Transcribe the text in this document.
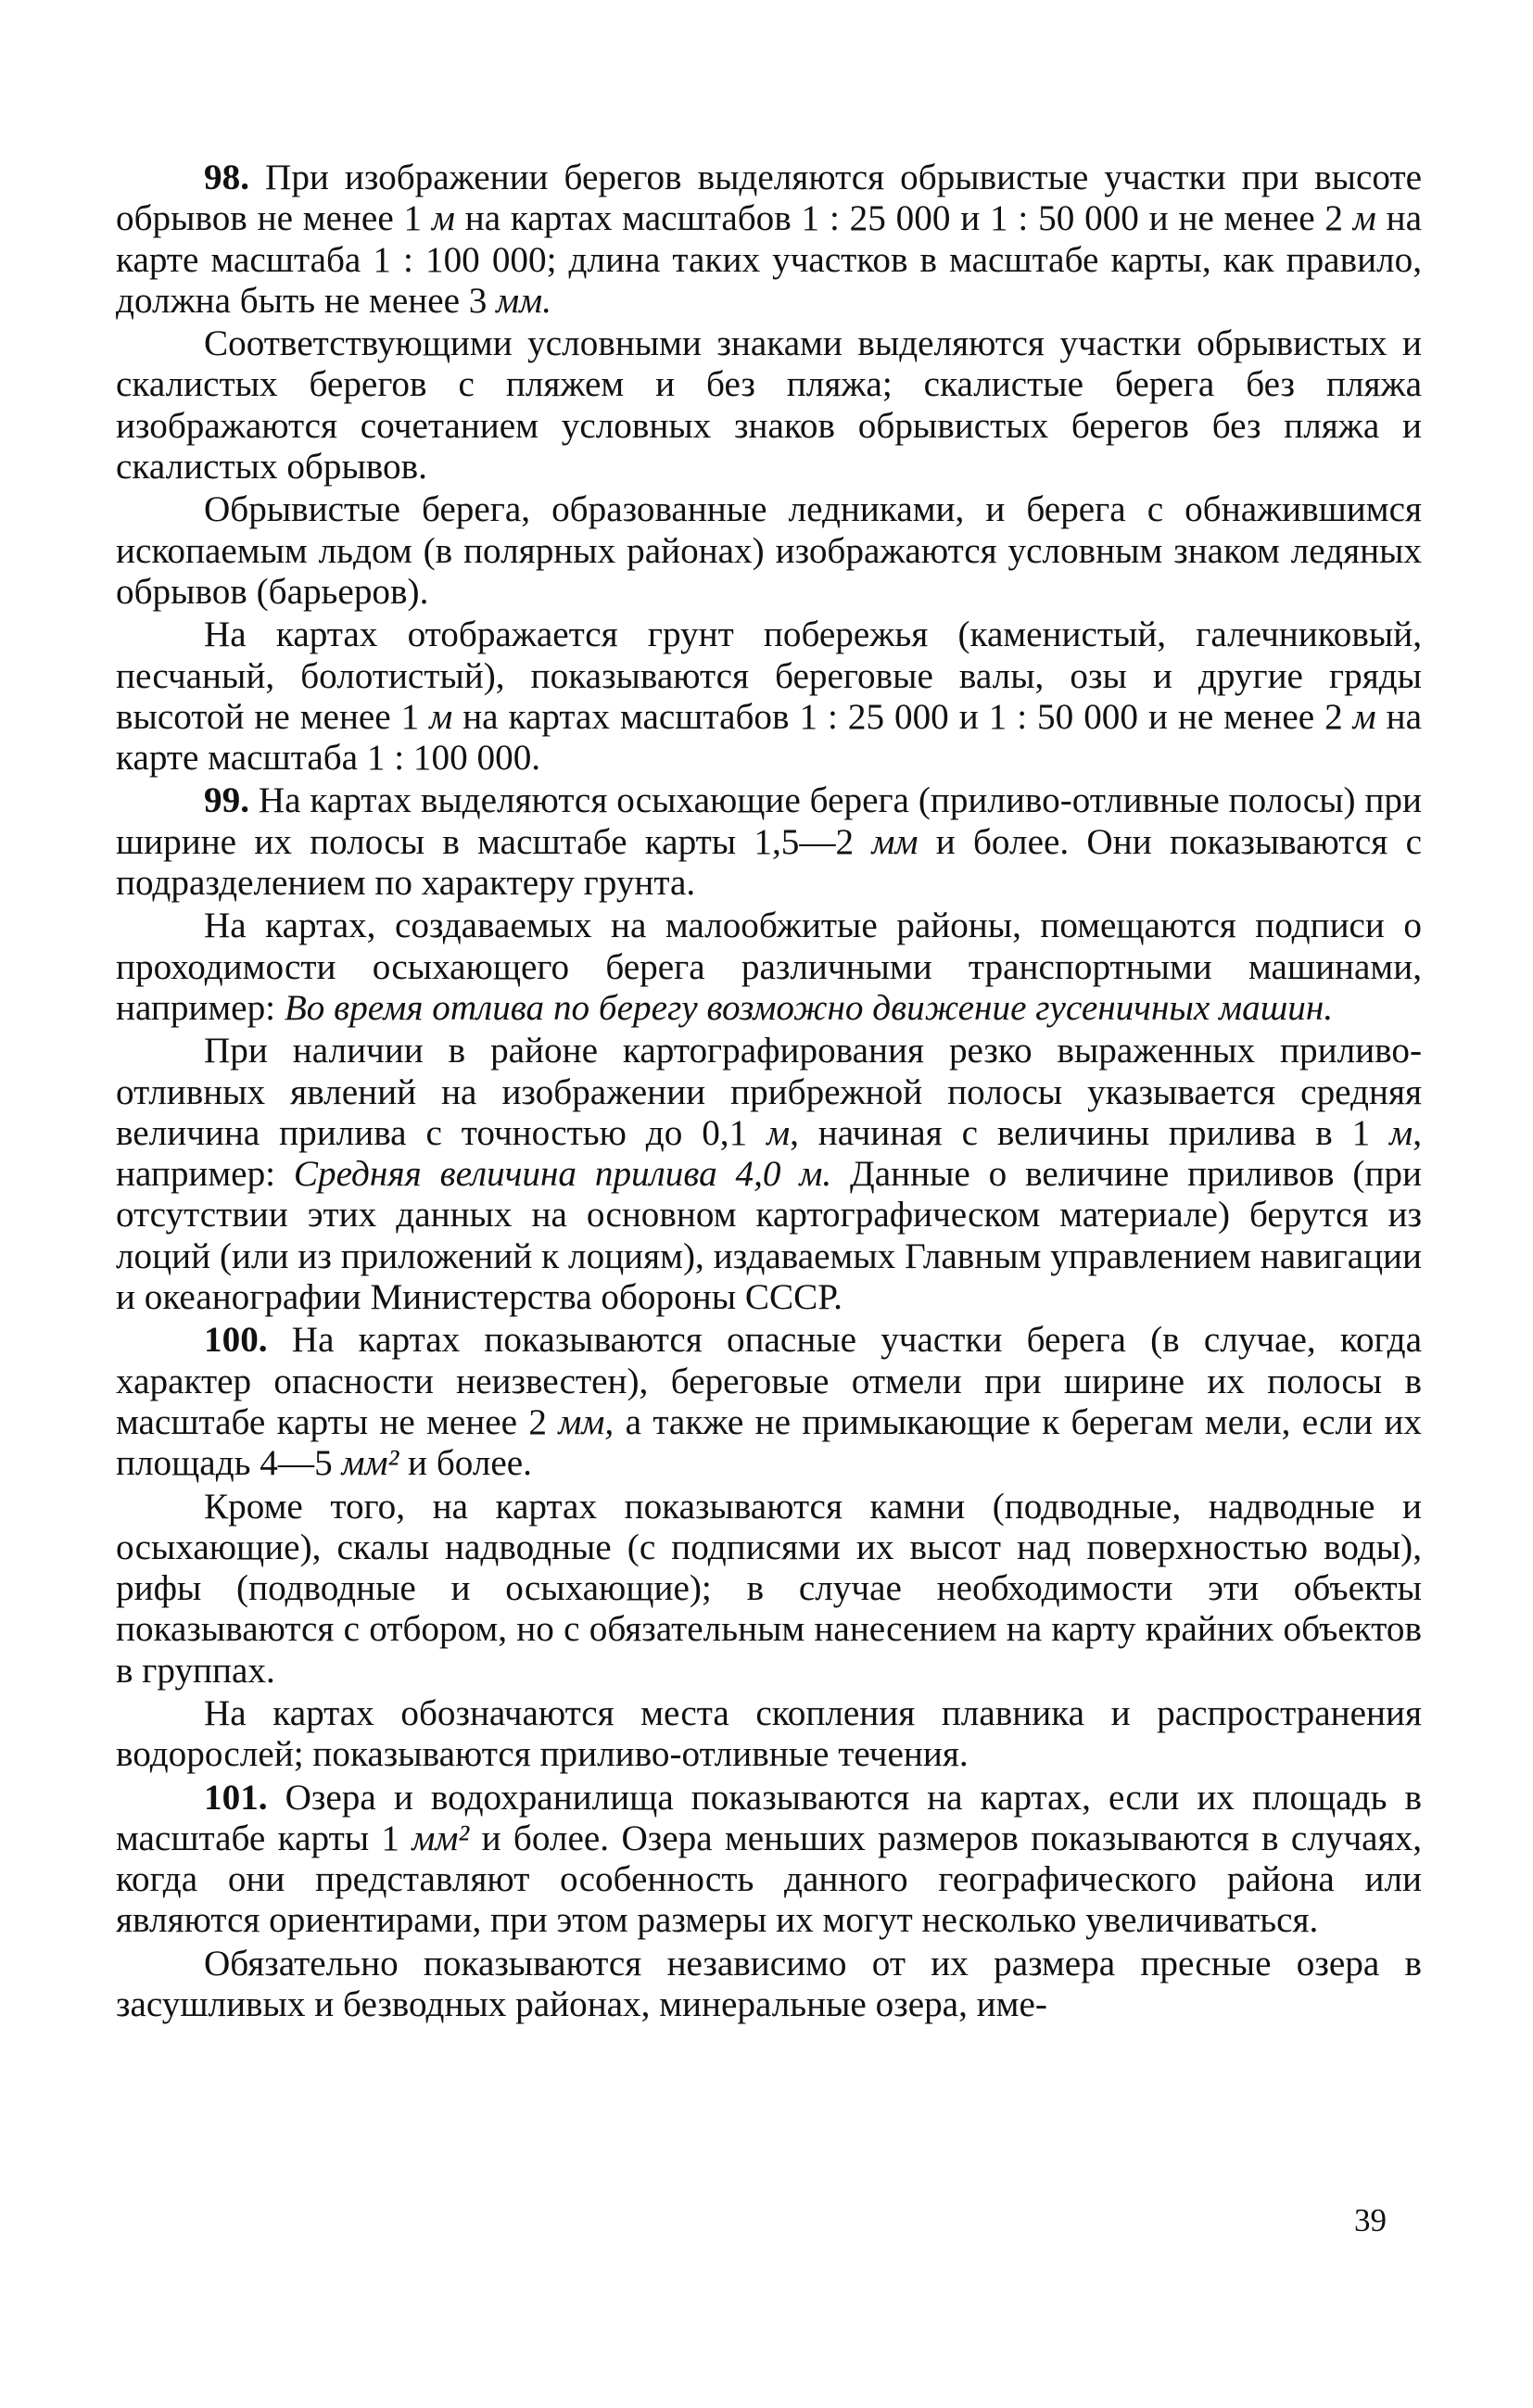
98. При изображении берегов выделяются обрывистые участки при высоте обрывов не менее 1 м на картах масштабов 1 : 25 000 и 1 : 50 000 и не менее 2 м на карте масштаба 1 : 100 000; длина таких участков в масштабе карты, как правило, должна быть не менее 3 мм.

Соответствующими условными знаками выделяются участки обрывистых и скалистых берегов с пляжем и без пляжа; скалистые берега без пляжа изображаются сочетанием условных знаков обрывистых берегов без пляжа и скалистых обрывов.

Обрывистые берега, образованные ледниками, и берега с обнажившимся ископаемым льдом (в полярных районах) изображаются условным знаком ледяных обрывов (барьеров).

На картах отображается грунт побережья (каменистый, галечниковый, песчаный, болотистый), показываются береговые валы, озы и другие гряды высотой не менее 1 м на картах масштабов 1 : 25 000 и 1 : 50 000 и не менее 2 м на карте масштаба 1 : 100 000.

99. На картах выделяются осыхающие берега (приливо-отливные полосы) при ширине их полосы в масштабе карты 1,5—2 мм и более. Они показываются с подразделением по характеру грунта.

На картах, создаваемых на малообжитые районы, помещаются подписи о проходимости осыхающего берега различными транспортными машинами, например: Во время отлива по берегу возможно движение гусеничных машин.

При наличии в районе картографирования резко выраженных приливо-отливных явлений на изображении прибрежной полосы указывается средняя величина прилива с точностью до 0,1 м, начиная с величины прилива в 1 м, например: Средняя величина прилива 4,0 м. Данные о величине приливов (при отсутствии этих данных на основном картографическом материале) берутся из лоций (или из приложений к лоциям), издаваемых Главным управлением навигации и океанографии Министерства обороны СССР.

100. На картах показываются опасные участки берега (в случае, когда характер опасности неизвестен), береговые отмели при ширине их полосы в масштабе карты не менее 2 мм, а также не примыкающие к берегам мели, если их площадь 4—5 мм² и более.

Кроме того, на картах показываются камни (подводные, надводные и осыхающие), скалы надводные (с подписями их высот над поверхностью воды), рифы (подводные и осыхающие); в случае необходимости эти объекты показываются с отбором, но с обязательным нанесением на карту крайних объектов в группах.

На картах обозначаются места скопления плавника и распространения водорослей; показываются приливо-отливные течения.

101. Озера и водохранилища показываются на картах, если их площадь в масштабе карты 1 мм² и более. Озера меньших размеров показываются в случаях, когда они представляют особенность данного географического района или являются ориентирами, при этом размеры их могут несколько увеличиваться.

Обязательно показываются независимо от их размера пресные озера в засушливых и безводных районах, минеральные озера, име-

39
